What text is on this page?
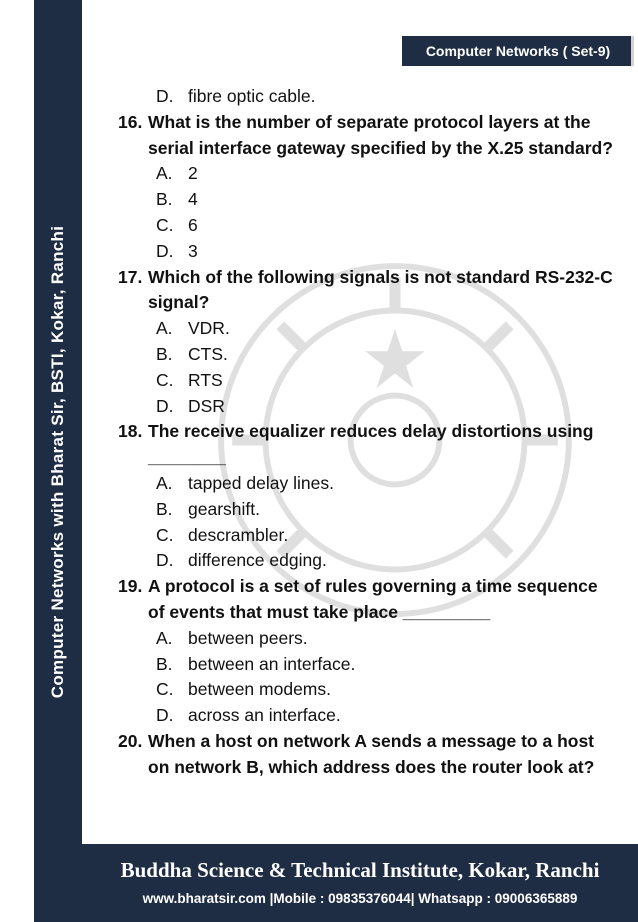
Computer Networks with Bharat Sir, BSTI, Kokar, Ranchi
Computer Networks ( Set-9)
D. fibre optic cable.
16. What is the number of separate protocol layers at the serial interface gateway specified by the X.25 standard?
A. 2
B. 4
C. 6
D. 3
17. Which of the following signals is not standard RS-232-C signal?
A. VDR.
B. CTS.
C. RTS
D. DSR
18. The receive equalizer reduces delay distortions using ________
A. tapped delay lines.
B. gearshift.
C. descrambler.
D. difference edging.
19. A protocol is a set of rules governing a time sequence of events that must take place _________
A. between peers.
B. between an interface.
C. between modems.
D. across an interface.
20. When a host on network A sends a message to a host on network B, which address does the router look at?
Buddha Science & Technical Institute, Kokar, Ranchi
www.bharatsir.com |Mobile : 09835376044| Whatsapp : 09006365889
